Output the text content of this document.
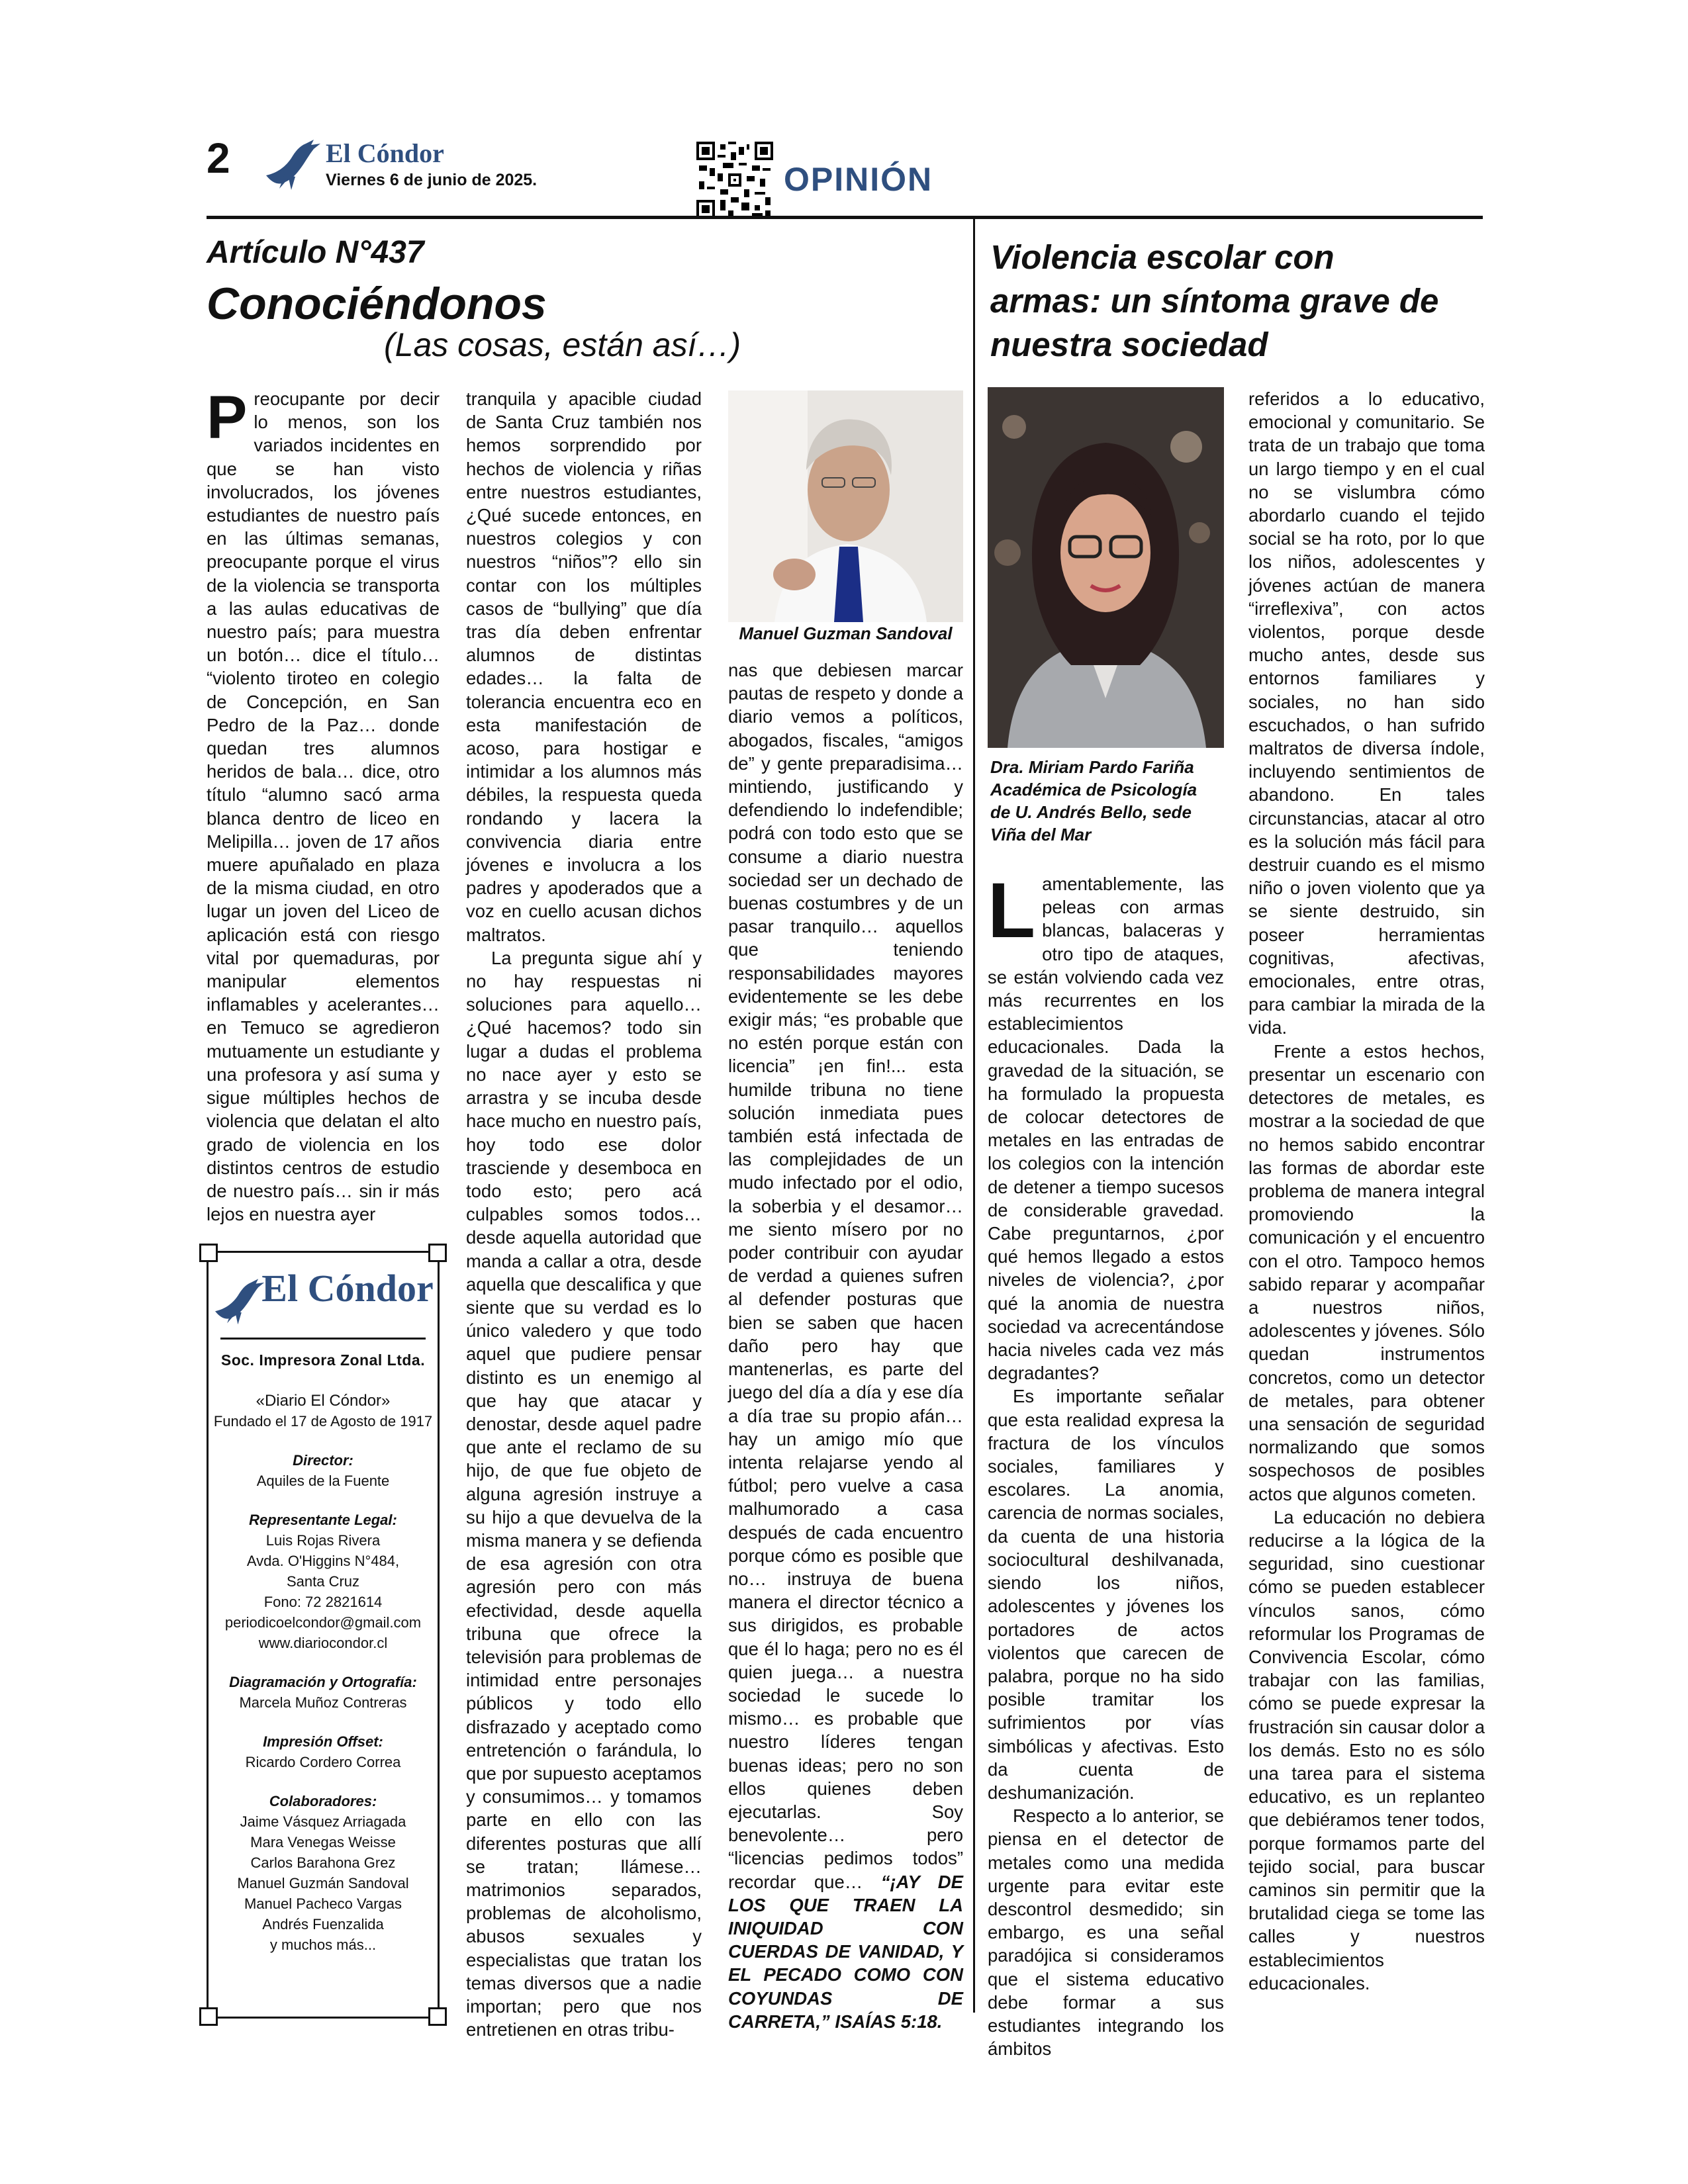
2	El Cóndor
Viernes 6 de junio de 2025.	OPINIÓN
Artículo N°437
Conociéndonos
(Las cosas, están así…)

Preocupante por decir lo menos, son los variados incidentes en que se han visto involucrados, los jóvenes estudiantes de nuestro país en las últimas semanas, preocupante porque el virus de la violencia se transporta a las aulas educativas de nuestro país; para muestra un botón… dice el título… “violento tiroteo en colegio de Concepción, en San Pedro de la Paz… donde quedan tres alumnos heridos de bala… dice, otro título “alumno sacó arma blanca dentro de liceo en Melipilla… joven de 17 años muere apuñalado en plaza de la misma ciudad, en otro lugar un joven del Liceo de aplicación está con riesgo vital por quemaduras, por manipular elementos inflamables y acelerantes… en Temuco se agredieron mutuamente un estudiante y una profesora y así suma y sigue múltiples hechos de violencia que delatan el alto grado de violencia en los distintos centros de estudio de nuestro país… sin ir más lejos en nuestra ayer

tranquila y apacible ciudad de Santa Cruz también nos hemos sorprendido por hechos de violencia y riñas entre nuestros estudiantes, ¿Qué sucede entonces, en nuestros colegios y con nuestros “niños”? ello sin contar con los múltiples casos de “bullying” que día tras día deben enfrentar alumnos de distintas edades… la falta de tolerancia encuentra eco en esta manifestación de acoso, para hostigar e intimidar a los alumnos más débiles, la respuesta queda rondando y lacera la convivencia diaria entre jóvenes e involucra a los padres y apoderados que a voz en cuello acusan dichos maltratos.

La pregunta sigue ahí y no hay respuestas ni soluciones para aquello… ¿Qué hacemos? todo sin lugar a dudas el problema no nace ayer y esto se arrastra y se incuba desde hace mucho en nuestro país, hoy todo ese dolor trasciende y desemboca en todo esto; pero acá culpables somos todos… desde aquella autoridad que manda a callar a otra, desde aquella que descalifica y que siente que su verdad es lo único valedero y que todo aquel que pudiere pensar distinto es un enemigo al que hay que atacar y denostar, desde aquel padre que ante el reclamo de su hijo, de que fue objeto de alguna agresión instruye a su hijo a que devuelva de la misma manera y se defienda de esa agresión con otra agresión pero con más efectividad, desde aquella tribuna que ofrece la televisión para problemas de intimidad entre personajes públicos y todo ello disfrazado y aceptado como entretención o farándula, lo que por supuesto aceptamos y consumimos… y tomamos parte en ello con las diferentes posturas que allí se tratan; llámese… matrimonios separados, problemas de alcoholismo, abusos sexuales y especialistas que tratan los temas diversos que a nadie importan; pero que nos entretienen en otras tribu-

Manuel Guzman Sandoval

nas que debiesen marcar pautas de respeto y donde a diario vemos a políticos, abogados, fiscales, “amigos de” y gente preparadisima… mintiendo, justificando y defendiendo lo indefendible; podrá con todo esto que se consume a diario nuestra sociedad ser un dechado de buenas costumbres y de un pasar tranquilo… aquellos que teniendo responsabilidades mayores evidentemente se les debe exigir más; “es probable que no estén porque están con licencia” ¡en fin!... esta humilde tribuna no tiene solución inmediata pues también está infectada de las complejidades de un mudo infectado por el odio, la soberbia y el desamor… me siento mísero por no poder contribuir con ayudar de verdad a quienes sufren al defender posturas que bien se saben que hacen daño pero hay que mantenerlas, es parte del juego del día a día y ese día a día trae su propio afán… hay un amigo mío que intenta relajarse yendo al fútbol; pero vuelve a casa malhumorado a casa después de cada encuentro porque cómo es posible que no… instruya de buena manera el director técnico a sus dirigidos, es probable que él lo haga; pero no es él quien juega… a nuestra sociedad le sucede lo mismo… es probable que nuestro líderes tengan buenas ideas; pero no son ellos quienes deben ejecutarlas. Soy benevolente… pero “licencias pedimos todos” recordar que… “¡AY DE LOS QUE TRAEN LA INIQUIDAD CON CUERDAS DE VANIDAD, Y EL PECADO COMO CON COYUNDAS DE CARRETA,” ISAÍAS 5:18.

El Cóndor
Soc. Impresora Zonal Ltda.
«Diario El Cóndor»
Fundado el 17 de Agosto de 1917
Director:
Aquiles de la Fuente
Representante Legal:
Luis Rojas Rivera
Avda. O'Higgins N°484,
Santa Cruz
Fono: 72 2821614
periodicoelcondor@gmail.com
www.diariocondor.cl
Diagramación y Ortografía:
Marcela Muñoz Contreras
Impresión Offset:
Ricardo Cordero Correa
Colaboradores:
Jaime Vásquez Arriagada
Mara Venegas Weisse
Carlos Barahona Grez
Manuel Guzmán Sandoval
Manuel Pacheco Vargas
Andrés Fuenzalida
y muchos más...
Violencia escolar con
armas: un síntoma grave de
nuestra sociedad
Dra. Miriam Pardo Fariña
Académica de Psicología
de U. Andrés Bello, sede
Viña del Mar

Lamentablemente, las peleas con armas blancas, balaceras y otro tipo de ataques, se están volviendo cada vez más recurrentes en los establecimientos educacionales. Dada la gravedad de la situación, se ha formulado la propuesta de colocar detectores de metales en las entradas de los colegios con la intención de detener a tiempo sucesos de considerable gravedad. Cabe preguntarnos, ¿por qué hemos llegado a estos niveles de violencia?, ¿por qué la anomia de nuestra sociedad va acrecentándose hacia niveles cada vez más degradantes?

Es importante señalar que esta realidad expresa la fractura de los vínculos sociales, familiares y escolares. La anomia, carencia de normas sociales, da cuenta de una historia sociocultural deshilvanada, siendo los niños, adolescentes y jóvenes los portadores de actos violentos que carecen de palabra, porque no ha sido posible tramitar los sufrimientos por vías simbólicas y afectivas. Esto da cuenta de deshumanización.

Respecto a lo anterior, se piensa en el detector de metales como una medida urgente para evitar este descontrol desmedido; sin embargo, es una señal paradójica si consideramos que el sistema educativo debe formar a sus estudiantes integrando los ámbitos

referidos a lo educativo, emocional y comunitario. Se trata de un trabajo que toma un largo tiempo y en el cual no se vislumbra cómo abordarlo cuando el tejido social se ha roto, por lo que los niños, adolescentes y jóvenes actúan de manera “irreflexiva”, con actos violentos, porque desde mucho antes, desde sus entornos familiares y sociales, no han sido escuchados, o han sufrido maltratos de diversa índole, incluyendo sentimientos de abandono. En tales circunstancias, atacar al otro es la solución más fácil para destruir cuando es el mismo niño o joven violento que ya se siente destruido, sin poseer herramientas cognitivas, afectivas, emocionales, entre otras, para cambiar la mirada de la vida.

Frente a estos hechos, presentar un escenario con detectores de metales, es mostrar a la sociedad de que no hemos sabido encontrar las formas de abordar este problema de manera integral promoviendo la comunicación y el encuentro con el otro. Tampoco hemos sabido reparar y acompañar a nuestros niños, adolescentes y jóvenes. Sólo quedan instrumentos concretos, como un detector de metales, para obtener una sensación de seguridad normalizando que somos sospechosos de posibles actos que algunos cometen.

La educación no debiera reducirse a la lógica de la seguridad, sino cuestionar cómo se pueden establecer vínculos sanos, cómo reformular los Programas de Convivencia Escolar, cómo trabajar con las familias, cómo se puede expresar la frustración sin causar dolor a los demás. Esto no es sólo una tarea para el sistema educativo, es un replanteo que debiéramos tener todos, porque formamos parte del tejido social, para buscar caminos sin permitir que la brutalidad ciega se tome las calles y nuestros establecimientos educacionales.
